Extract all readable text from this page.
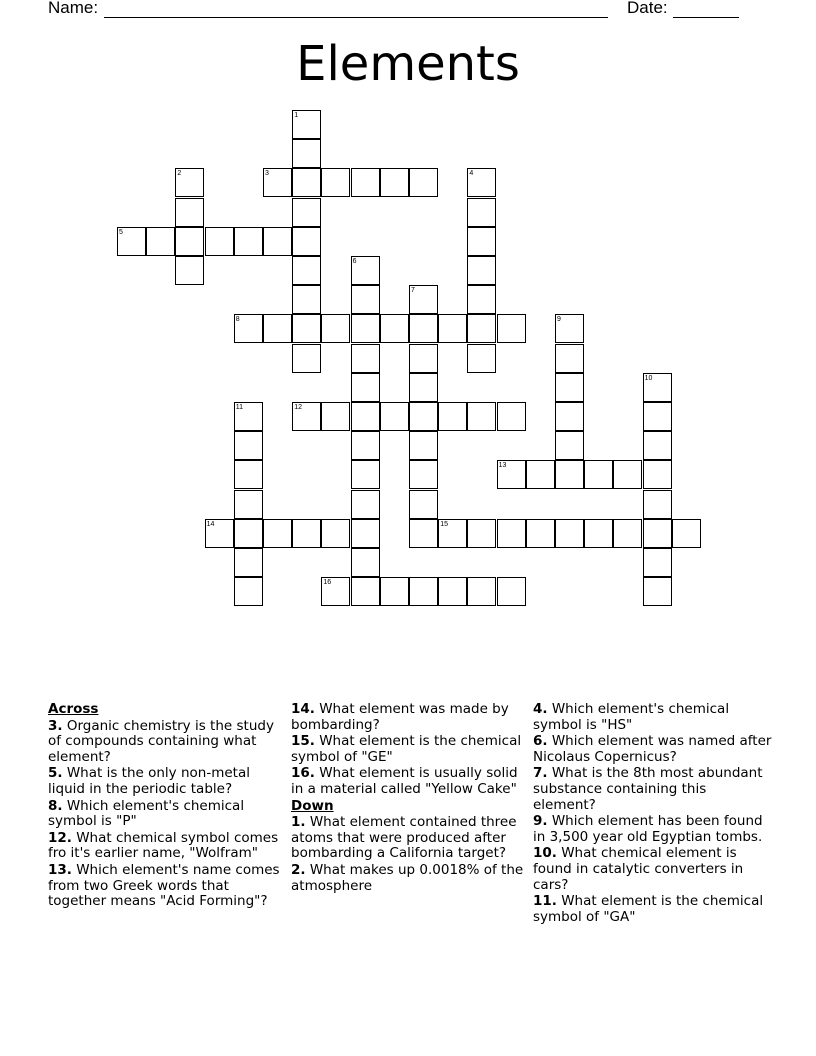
Name:	Date:
Elements
1
2	3	4
5
6
7
8	9
10
11	12
13
14	15
16
Across
3. Organic chemistry is the study of compounds containing what element?
5. What is the only non-metal liquid in the periodic table?
8. Which element's chemical symbol is "P"
12. What chemical symbol comes fro it's earlier name, "Wolfram"
13. Which element's name comes from two Greek words that together means "Acid Forming"?
14. What element was made by bombarding?
15. What element is the chemical symbol of "GE"
16. What element is usually solid in a material called "Yellow Cake"
Down
1. What element contained three atoms that were produced after bombarding a California target?
2. What makes up 0.0018% of the atmosphere
4. Which element's chemical symbol is "HS"
6. Which element was named after Nicolaus Copernicus?
7. What is the 8th most abundant substance containing this element?
9. Which element has been found in 3,500 year old Egyptian tombs.
10. What chemical element is found in catalytic converters in cars?
11. What element is the chemical symbol of "GA"
